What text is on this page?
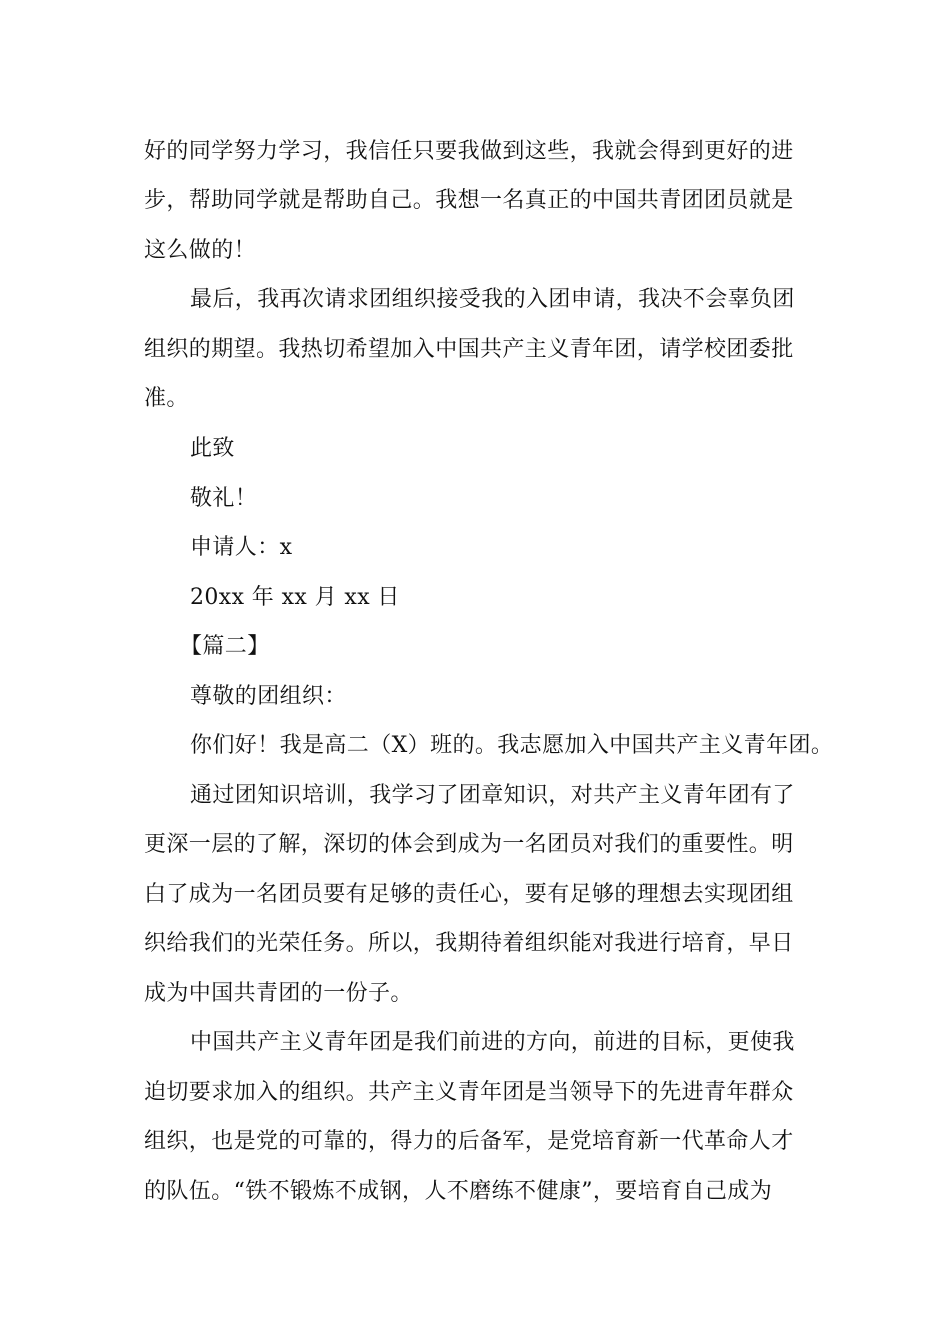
好的同学努力学习，我信任只要我做到这些，我就会得到更好的进
步，帮助同学就是帮助自己。我想一名真正的中国共青团团员就是
这么做的！
最后，我再次请求团组织接受我的入团申请，我决不会辜负团
组织的期望。我热切希望加入中国共产主义青年团，请学校团委批
准。
此致
敬礼！
申请人：x
20xx 年 xx 月 xx 日
【篇二】
尊敬的团组织：
你们好！我是高二（X）班的。我志愿加入中国共产主义青年团。
通过团知识培训，我学习了团章知识，对共产主义青年团有了
更深一层的了解，深切的体会到成为一名团员对我们的重要性。明
白了成为一名团员要有足够的责任心，要有足够的理想去实现团组
织给我们的光荣任务。所以，我期待着组织能对我进行培育，早日
成为中国共青团的一份子。
中国共产主义青年团是我们前进的方向，前进的目标，更使我
迫切要求加入的组织。共产主义青年团是当领导下的先进青年群众
组织，也是党的可靠的，得力的后备军，是党培育新一代革命人才
的队伍。“铁不锻炼不成钢，人不磨练不健康”，要培育自己成为
